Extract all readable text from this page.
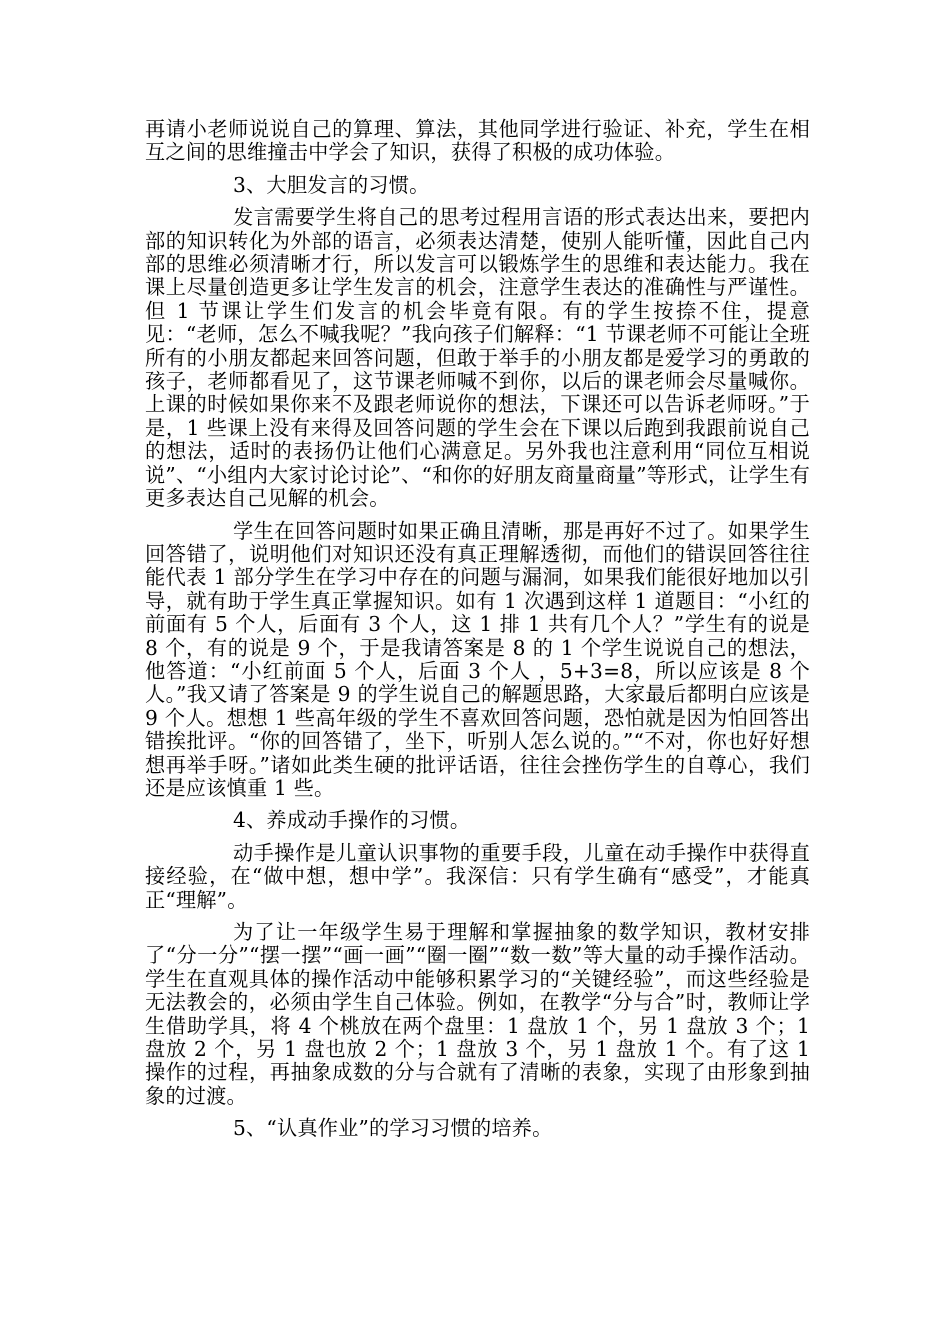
再请小老师说说自己的算理、算法，其他同学进行验证、补充，学生在相互之间的思维撞击中学会了知识，获得了积极的成功体验。

3、大胆发言的习惯。

发言需要学生将自己的思考过程用言语的形式表达出来，要把内部的知识转化为外部的语言，必须表达清楚，使别人能听懂，因此自己内部的思维必须清晰才行，所以发言可以锻炼学生的思维和表达能力。我在课上尽量创造更多让学生发言的机会，注意学生表达的准确性与严谨性。但 1 节课让学生们发言的机会毕竟有限。有的学生按捺不住，提意见：“老师，怎么不喊我呢？”我向孩子们解释：“1 节课老师不可能让全班所有的小朋友都起来回答问题，但敢于举手的小朋友都是爱学习的勇敢的孩子，老师都看见了，这节课老师喊不到你，以后的课老师会尽量喊你。上课的时候如果你来不及跟老师说你的想法，下课还可以告诉老师呀。”于是，1 些课上没有来得及回答问题的学生会在下课以后跑到我跟前说自己的想法，适时的表扬仍让他们心满意足。另外我也注意利用“同位互相说说”、“小组内大家讨论讨论”、“和你的好朋友商量商量”等形式，让学生有更多表达自己见解的机会。

学生在回答问题时如果正确且清晰，那是再好不过了。如果学生回答错了，说明他们对知识还没有真正理解透彻，而他们的错误回答往往能代表 1 部分学生在学习中存在的问题与漏洞，如果我们能很好地加以引导，就有助于学生真正掌握知识。如有 1 次遇到这样 1 道题目：“小红的前面有 5 个人，后面有 3 个人，这 1 排 1 共有几个人？”学生有的说是 8 个，有的说是 9 个，于是我请答案是 8 的 1 个学生说说自己的想法，他答道：“小红前面 5 个人，后面 3 个人 ，5+3=8，所以应该是 8 个人。”我又请了答案是 9 的学生说自己的解题思路，大家最后都明白应该是 9 个人。想想 1 些高年级的学生不喜欢回答问题，恐怕就是因为怕回答出错挨批评。“你的回答错了，坐下，听别人怎么说的。”“不对，你也好好想想再举手呀。”诸如此类生硬的批评话语，往往会挫伤学生的自尊心，我们还是应该慎重 1 些。

4、养成动手操作的习惯。

动手操作是儿童认识事物的重要手段，儿童在动手操作中获得直接经验，在“做中想，想中学”。我深信：只有学生确有“感受”，才能真正“理解”。

为了让一年级学生易于理解和掌握抽象的数学知识，教材安排了“分一分”“摆一摆”“画一画”“圈一圈”“数一数”等大量的动手操作活动。学生在直观具体的操作活动中能够积累学习的“关键经验”，而这些经验是无法教会的，必须由学生自己体验。例如，在教学“分与合”时，教师让学生借助学具，将 4 个桃放在两个盘里：1 盘放 1 个，另 1 盘放 3 个；1 盘放 2 个，另 1 盘也放 2 个；1 盘放 3 个，另 1 盘放 1 个。有了这 1 操作的过程，再抽象成数的分与合就有了清晰的表象，实现了由形象到抽象的过渡。

5、“认真作业”的学习习惯的培养。
